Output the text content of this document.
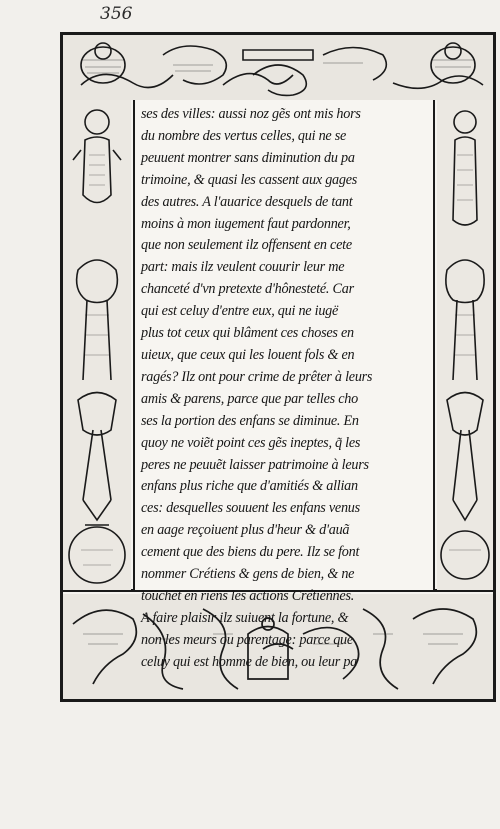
356
ses des villes: aussi noz gẽs ont mis hors
du nombre des vertus celles, qui ne se
peuuent montrer sans diminution du pa
trimoine, & quasi les cassent aux gages
des autres. A l'auarice desquels de tant
moins à mon iugement faut pardonner,
que non seulement ilz offensent en cete
part: mais ilz veulent couurir leur me
chanceté d'vn pretexte d'hônesteté. Car
qui est celuy d'entre eux, qui ne iugë
plus tot ceux qui blâment ces choses en
uieux, que ceux qui les louent fols & en
ragés? Ilz ont pour crime de prêter à leurs
amis & parens, parce que par telles cho
ses la portion des enfans se diminue. En
quoy ne voiẽt point ces gẽs ineptes, q̃ les
peres ne peuuẽt laisser patrimoine à leurs
enfans plus riche que d'amitiés & allian
ces: desquelles souuent les enfans venus
en aage reçoiuent plus d'heur & d'auã
cement que des biens du pere. Ilz se font
nommer Crétiens & gens de bien, & ne
touchẽt en riens les actions Crétiennes.
A faire plaisir ilz suiuent la fortune, &
non les meurs ou parentage: parce que
celuy qui est homme de bien, ou leur pa
